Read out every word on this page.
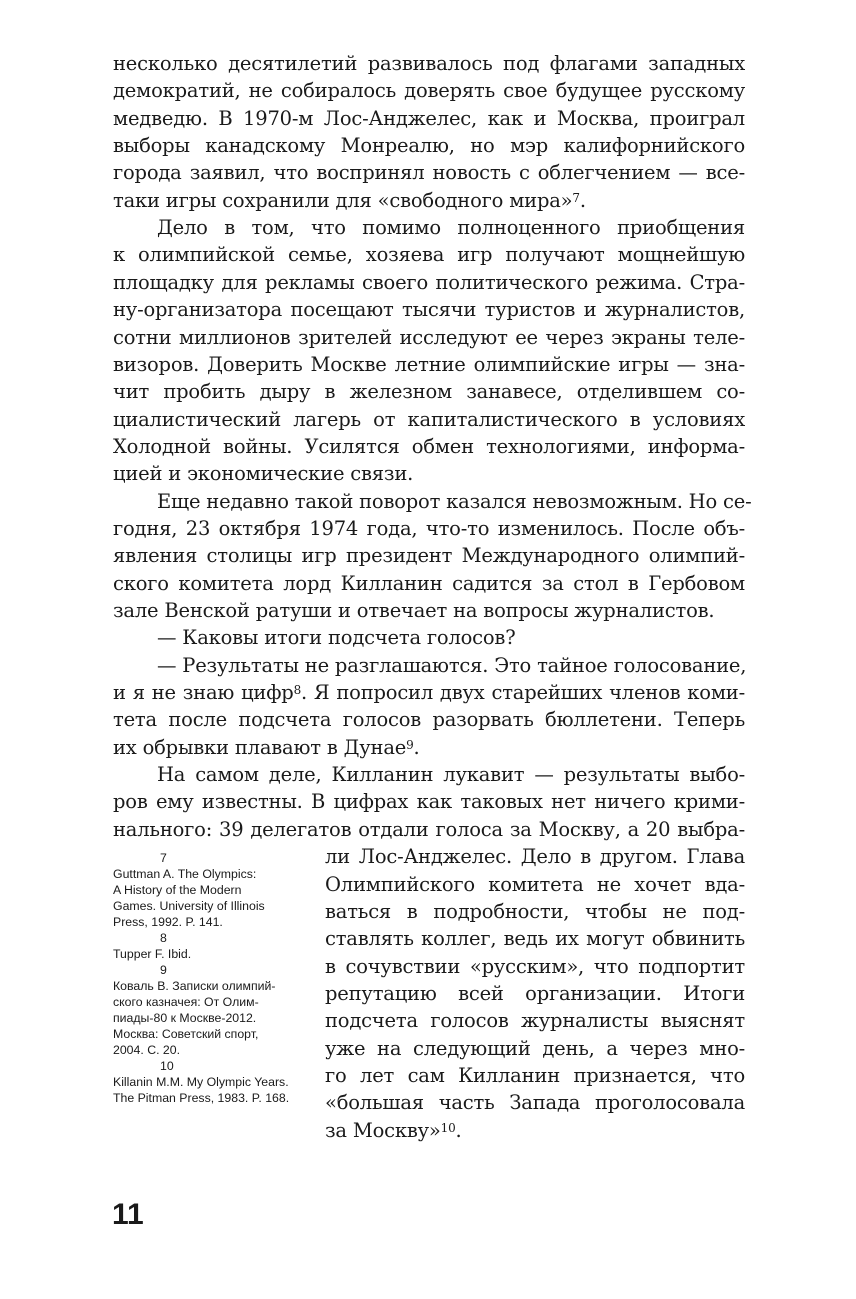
несколько десятилетий развивалось под флагами западных
демократий, не собиралось доверять свое будущее русскому
медведю. В 1970-м Лос-Анджелес, как и Москва, проиграл
выборы канадскому Монреалю, но мэр калифорнийского
города заявил, что воспринял новость с облегчением — все-
таки игры сохранили для «свободного мира»$^7$.
Дело в том, что помимо полноценного приобщения
к олимпийской семье, хозяева игр получают мощнейшую
площадку для рекламы своего политического режима. Стра-
ну-организатора посещают тысячи туристов и журналистов,
сотни миллионов зрителей исследуют ее через экраны теле-
визоров. Доверить Москве летние олимпийские игры — зна-
чит пробить дыру в железном занавесе, отделившем со-
циалистический лагерь от капиталистического в условиях
Холодной войны. Усилятся обмен технологиями, информа-
цией и экономические связи.
Еще недавно такой поворот казался невозможным. Но се-
годня, 23 октября 1974 года, что-то изменилось. После объ-
явления столицы игр президент Международного олимпий-
ского комитета лорд Килланин садится за стол в Гербовом
зале Венской ратуши и отвечает на вопросы журналистов.
— Каковы итоги подсчета голосов?
— Результаты не разглашаются. Это тайное голосование,
и я не знаю цифр$^8$. Я попросил двух старейших членов коми-
тета после подсчета голосов разорвать бюллетени. Теперь
их обрывки плавают в Дунае$^9$.
На самом деле, Килланин лукавит — результаты выбо-
ров ему известны. В цифрах как таковых нет ничего крими-
нального: 39 делегатов отдали голоса за Москву, а 20 выбра-
ли Лос-Анджелес. Дело в другом. Глава
Олимпийского комитета не хочет вда-
ваться в подробности, чтобы не под-
ставлять коллег, ведь их могут обвинить
в сочувствии «русским», что подпортит
репутацию всей организации. Итоги
подсчета голосов журналисты выяснят
уже на следующий день, а через мно-
го лет сам Килланин признается, что
«большая часть Запада проголосовала
за Москву»$^{10}$.
7
Guttman A. The Olympics:
A History of the Modern
Games. University of Illinois
Press, 1992. P. 141.
8
Tupper F. Ibid.
9
Коваль В. Записки олимпий-
ского казначея: От Олим-
пиады-80 к Москве-2012.
Москва: Советский спорт,
2004. С. 20.
10
Killanin M.M. My Olympic Years.
The Pitman Press, 1983. P. 168.
11
